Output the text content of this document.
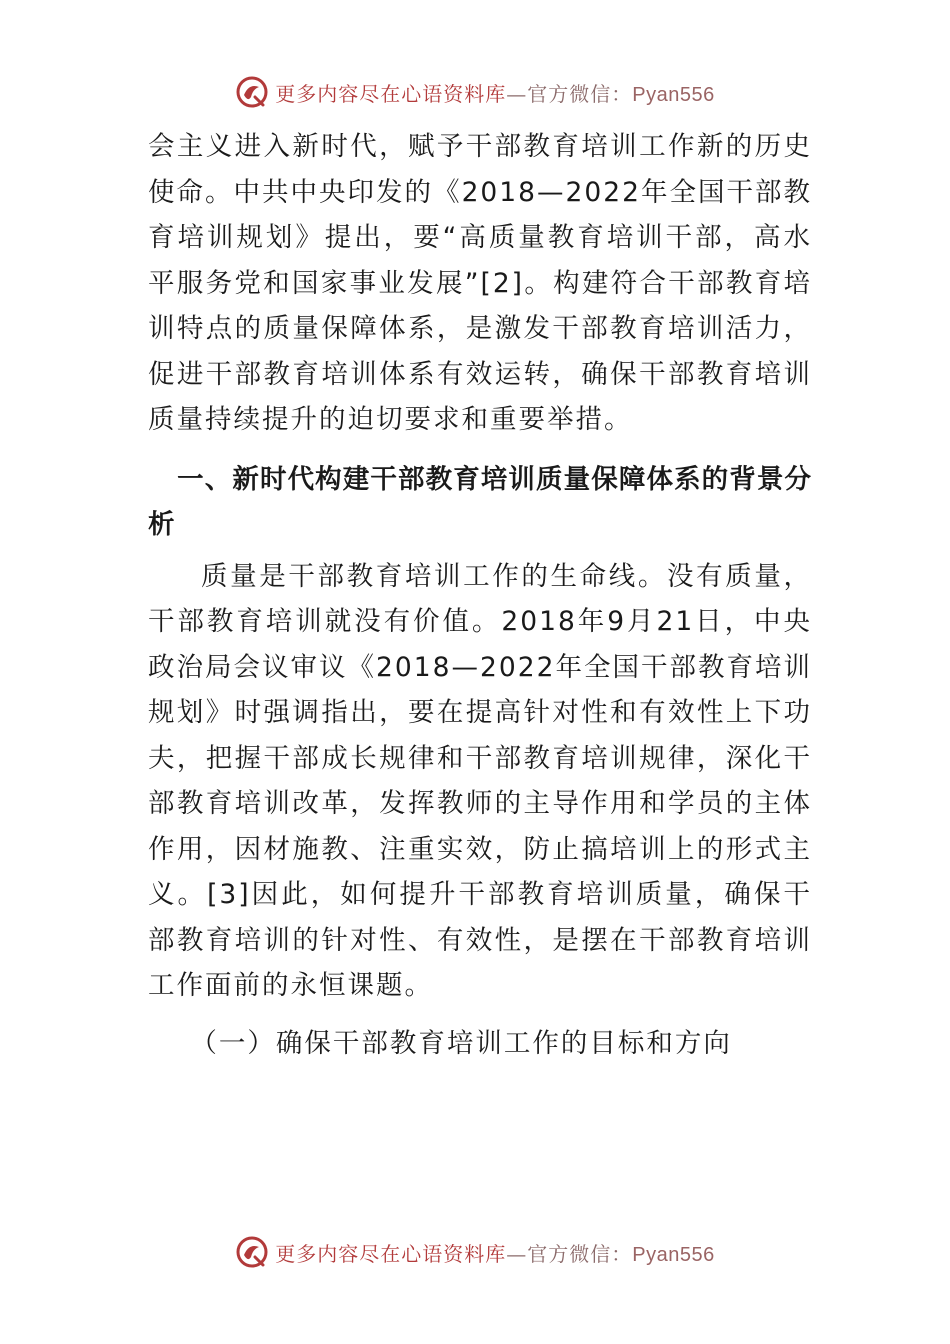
更多内容尽在心语资料库—官方微信：Pyan556

会主义进入新时代，赋予干部教育培训工作新的历史使命。中共中央印发的《2018—2022年全国干部教育培训规划》提出，要“高质量教育培训干部，高水平服务党和国家事业发展”[2]。构建符合干部教育培训特点的质量保障体系，是激发干部教育培训活力，促进干部教育培训体系有效运转，确保干部教育培训质量持续提升的迫切要求和重要举措。

一、新时代构建干部教育培训质量保障体系的背景分析

质量是干部教育培训工作的生命线。没有质量，干部教育培训就没有价值。2018年9月21日，中央政治局会议审议《2018—2022年全国干部教育培训规划》时强调指出，要在提高针对性和有效性上下功夫，把握干部成长规律和干部教育培训规律，深化干部教育培训改革，发挥教师的主导作用和学员的主体作用，因材施教、注重实效，防止搞培训上的形式主义。[3]因此，如何提升干部教育培训质量，确保干部教育培训的针对性、有效性，是摆在干部教育培训工作面前的永恒课题。

（一）确保干部教育培训工作的目标和方向

更多内容尽在心语资料库—官方微信：Pyan556
